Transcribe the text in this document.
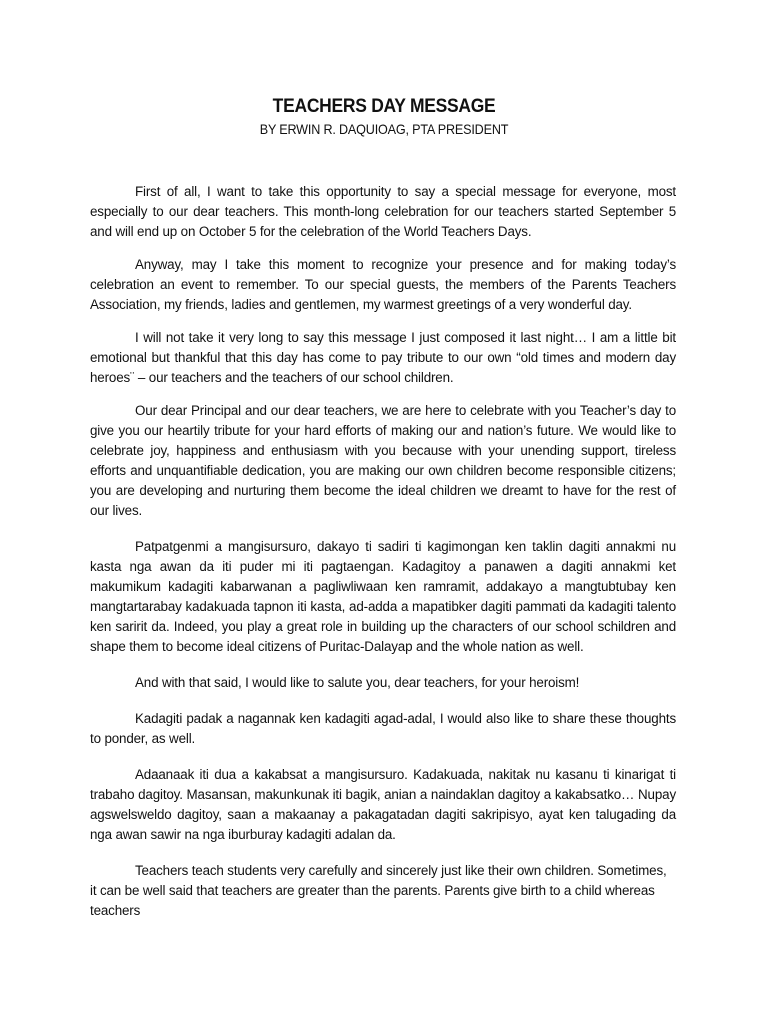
TEACHERS DAY MESSAGE
BY ERWIN R. DAQUIOAG, PTA PRESIDENT

First of all, I want to take this opportunity to say a special message for everyone, most especially to our dear teachers. This month-long celebration for our teachers started September 5 and will end up on October 5 for the celebration of the World Teachers Days.

Anyway, may I take this moment to recognize your presence and for making today’s celebration an event to remember. To our special guests, the members of the Parents Teachers Association, my friends, ladies and gentlemen, my warmest greetings of a very wonderful day.

I will not take it very long to say this message I just composed it last night… I am a little bit emotional but thankful that this day has come to pay tribute to our own “old times and modern day heroes¨ – our teachers and the teachers of our school children.

Our dear Principal and our dear teachers, we are here to celebrate with you Teacher’s day to give you our heartily tribute for your hard efforts of making our and nation’s future. We would like to celebrate joy, happiness and enthusiasm with you because with your unending support, tireless efforts and unquantifiable dedication, you are making our own children become responsible citizens; you are developing and nurturing them become the ideal children we dreamt to have for the rest of our lives.

Patpatgenmi a mangisursuro, dakayo ti sadiri ti kagimongan ken taklin dagiti annakmi nu kasta nga awan da iti puder mi iti pagtaengan. Kadagitoy a panawen a dagiti annakmi ket makumikum kadagiti kabarwanan a pagliwliwaan ken ramramit, addakayo a mangtubtubay ken mangtartarabay kadakuada tapnon iti kasta, ad-adda a mapatibker dagiti pammati da kadagiti talento ken saririt da. Indeed, you play a great role in building up the characters of our school schildren and shape them to become ideal citizens of Puritac-Dalayap and the whole nation as well.

And with that said, I would like to salute you, dear teachers, for your heroism!

Kadagiti padak a nagannak ken kadagiti agad-adal, I would also like to share these thoughts to ponder, as well.

Adaanaak iti dua a kakabsat a mangisursuro. Kadakuada, nakitak nu kasanu ti kinarigat ti trabaho dagitoy. Masansan, makunkunak iti bagik, anian a naindaklan dagitoy a kakabsatko… Nupay agswelsweldo dagitoy, saan a makaanay a pakagatadan dagiti sakripisyo, ayat ken talugading da nga awan sawir na nga iburburay kadagiti adalan da.

Teachers teach students very carefully and sincerely just like their own children. Sometimes, it can be well said that teachers are greater than the parents. Parents give birth to a child whereas teachers
